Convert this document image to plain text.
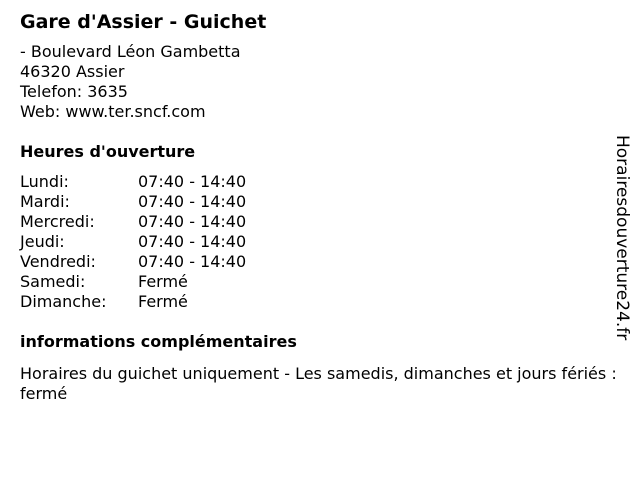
Gare d'Assier - Guichet
- Boulevard Léon Gambetta
46320 Assier
Telefon: 3635
Web: www.ter.sncf.com
Heures d'ouverture
Lundi:	07:40 - 14:40
Mardi:	07:40 - 14:40
Mercredi:	07:40 - 14:40
Jeudi:	07:40 - 14:40
Vendredi:	07:40 - 14:40
Samedi:	Fermé
Dimanche:	Fermé
informations complémentaires
Horaires du guichet uniquement - Les samedis, dimanches et jours fériés : fermé
Horairesdouverture24.fr
